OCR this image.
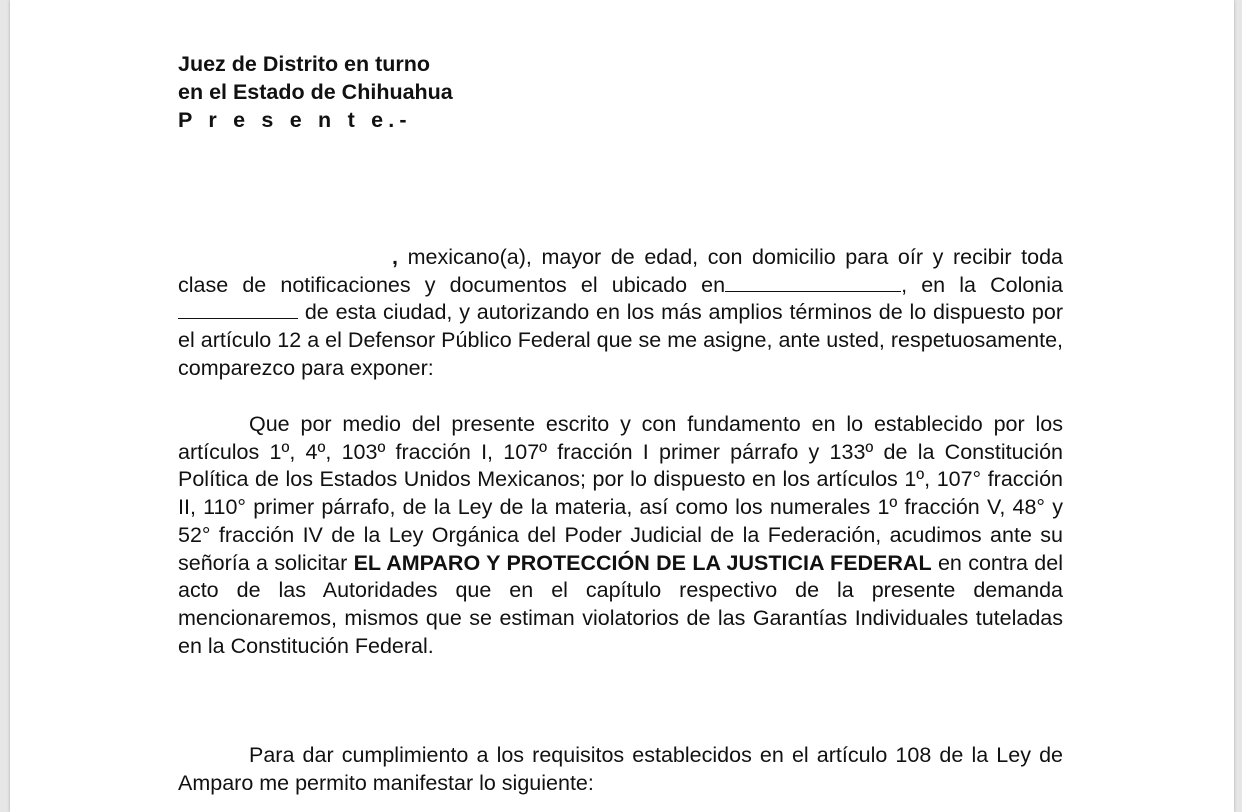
Juez de Distrito en turno
en el Estado de Chihuahua
P r e s e n t e.-

, mexicano(a), mayor de edad, con domicilio para oír y recibir toda clase de notificaciones y documentos el ubicado en	, en la Colonia  de esta ciudad, y autorizando en los más amplios términos de lo dispuesto por el artículo 12 a el Defensor Público Federal que se me asigne, ante usted, respetuosamente, comparezco para exponer:

Que por medio del presente escrito y con fundamento en lo establecido por los artículos 1º, 4º, 103º fracción I, 107º fracción I primer párrafo y 133º de la Constitución Política de los Estados Unidos Mexicanos; por lo dispuesto en los artículos 1º, 107° fracción II, 110° primer párrafo, de la Ley de la materia, así como los numerales 1º fracción V, 48° y 52° fracción IV de la Ley Orgánica del Poder Judicial de la Federación, acudimos ante su señoría a solicitar EL AMPARO Y PROTECCIÓN DE LA JUSTICIA FEDERAL en contra del acto de las Autoridades que en el capítulo respectivo de la presente demanda mencionaremos, mismos que se estiman violatorios de las Garantías Individuales tuteladas en la Constitución Federal.

Para dar cumplimiento a los requisitos establecidos en el artículo 108 de la Ley de Amparo me permito manifestar lo siguiente:
